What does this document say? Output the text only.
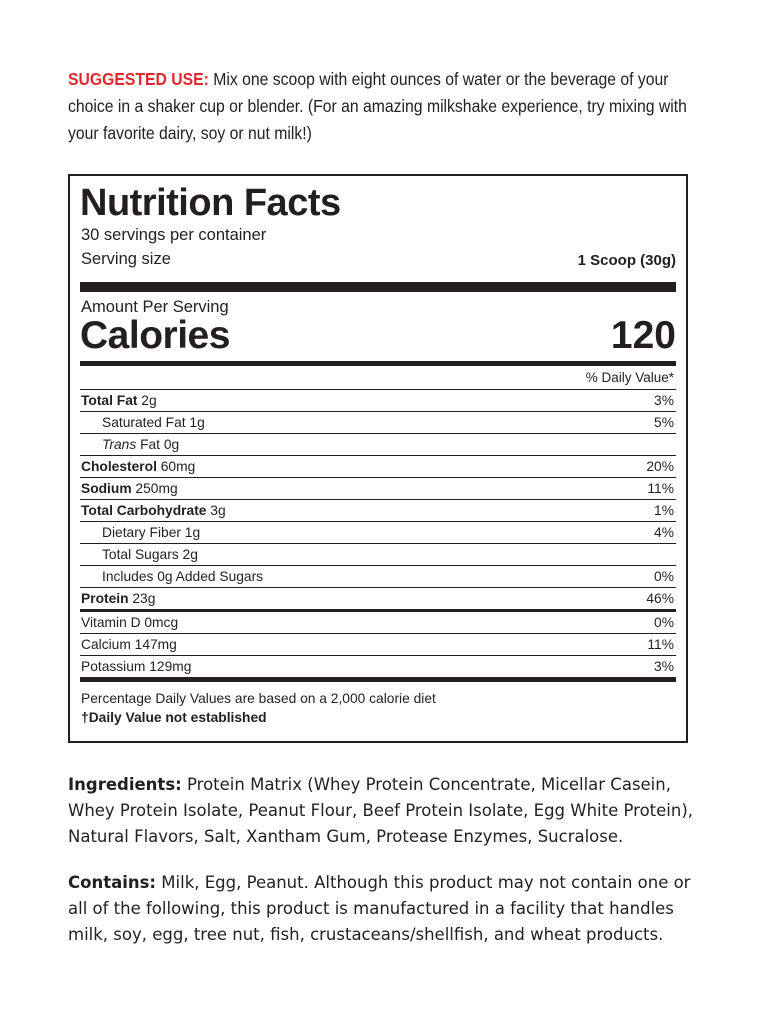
SUGGESTED USE: Mix one scoop with eight ounces of water or the beverage of your choice in a shaker cup or blender. (For an amazing milkshake experience, try mixing with your favorite dairy, soy or nut milk!)
Nutrition Facts
30 servings per container
Serving size	1 Scoop (30g)
Amount Per Serving
Calories	120
% Daily Value*
Total Fat 2g	3%
Saturated Fat 1g	5%
Trans Fat 0g
Cholesterol 60mg	20%
Sodium 250mg	11%
Total Carbohydrate 3g	1%
Dietary Fiber 1g	4%
Total Sugars 2g
Includes 0g Added Sugars	0%
Protein 23g	46%
Vitamin D 0mcg	0%
Calcium 147mg	11%
Potassium 129mg	3%
Percentage Daily Values are based on a 2,000 calorie diet
†Daily Value not established
Ingredients: Protein Matrix (Whey Protein Concentrate, Micellar Casein, Whey Protein Isolate, Peanut Flour, Beef Protein Isolate, Egg White Protein), Natural Flavors, Salt, Xantham Gum, Protease Enzymes, Sucralose.
Contains: Milk, Egg, Peanut. Although this product may not contain one or all of the following, this product is manufactured in a facility that handles milk, soy, egg, tree nut, fish, crustaceans/shellfish, and wheat products.
